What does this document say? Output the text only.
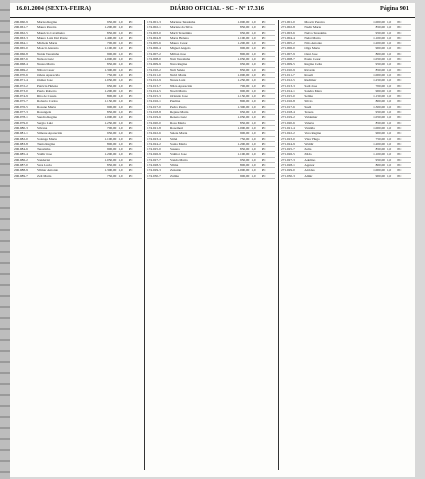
16.01.2004 (SEXTA-FEIRA)	DIÁRIO OFICIAL - SC - Nº 17.316	Página 901
206.960-9	Marisa Regina	950,00 1,0	PC
206.961-7	Maura Pereira	1.200,00 1,0	PC
206.962-5	Mauricio Cavalheiro	850,00 1,0	PC
206.963-3	Mauro Luiz Dal Ponte	1.400,00 1,0	PC
206.964-1	Michele Maria	700,00 1,0	PC
206.965-0	Moacir Antonio	1.100,00 1,0	PC
206.966-8	Neide Teresinha	900,00 1,0	PC
206.967-6	Nelson Luiz	1.000,00 1,0	PC
206.968-4	Neusa Maria	850,00 1,0	PC
206.969-2	Nilton Cesar	1.300,00 1,0	PC
206.970-6	Odete Aparecida	750,00 1,0	PC
206.971-4	Osmar Jose	1.050,00 1,0	PC
206.972-2	Patricia Helena	950,00 1,0	PC
206.973-0	Paulo Roberto	1.200,00 1,0	PC
206.974-9	Rita de Cassia	800,00 1,0	PC
206.975-7	Roberto Carlos	1.150,00 1,0	PC
206.976-5	Rosane Maria	900,00 1,0	PC
206.977-3	Rosangela	850,00 1,0	PC
206.978-1	Sandra Regina	1.000,00 1,0	PC
206.979-0	Sergio Luiz	1.250,00 1,0	PC
206.980-3	Silvana	700,00 1,0	PC
206.981-1	Simone Aparecida	950,00 1,0	PC
206.982-0	Solange Maria	1.100,00 1,0	PC
206.983-8	Tania Regina	800,00 1,0	PC
206.984-6	Terezinha	900,00 1,0	PC
206.985-4	Valdir Jose	1.200,00 1,0	PC
206.986-2	Vanderlei	1.050,00 1,0	PC
206.987-0	Vera Lucia	850,00 1,0	PC
206.988-9	Vilmar Antonio	1.300,00 1,0	PC
206.989-7	Zeli Maria	750,00 1,0	PC
174.001-3	Marlene Teresinha	1.000,00 1,0	PC
174.002-1	Marlete da Silva	850,00 1,0	PC
174.003-0	Marli Terezinha	950,00 1,0	PC
174.004-8	Marta Helena	1.100,00 1,0	PC
174.005-6	Mauro Cesar	1.200,00 1,0	PC
174.006-4	Miguel Angelo	900,00 1,0	PC
174.007-2	Milton Jose	800,00 1,0	PC
174.008-0	Nair Terezinha	1.050,00 1,0	PC
174.009-9	Nara Regina	950,00 1,0	PC
174.010-2	Neli Salete	850,00 1,0	PC
174.011-0	Nelci Maria	1.000,00 1,0	PC
174.012-9	Nereu Luiz	1.250,00 1,0	PC
174.013-7	Nilza Aparecida	700,00 1,0	PC
174.014-5	Noeli Maria	900,00 1,0	PC
174.015-3	Orlando Jose	1.150,00 1,0	PC
174.016-1	Paulina	800,00 1,0	PC
174.017-0	Pedro Paulo	1.300,00 1,0	PC
174.018-8	Rejane Maria	950,00 1,0	PC
174.019-6	Renato Luiz	1.050,00 1,0	PC
174.020-0	Rosa Maria	850,00 1,0	PC
174.021-8	Rosemeri	1.000,00 1,0	PC
174.022-6	Salete Maria	900,00 1,0	PC
174.023-4	Sirlei	750,00 1,0	PC
174.024-2	Sonia Maria	1.200,00 1,0	PC
174.025-0	Susana	850,00 1,0	PC
174.026-9	Valmor Jose	1.100,00 1,0	PC
174.027-7	Vanda Maria	950,00 1,0	PC
174.028-5	Vilma	800,00 1,0	PC
174.029-3	Zenaide	1.000,00 1,0	PC
174.030-7	Zulma	900,00 1,0	PC
271.001-0	Moacir Pereira	1.000,00 1,0	PC
271.002-8	Nadir Maria	850,00 1,0	PC
271.003-6	Neiva Teresinha	950,00 1,0	PC
271.004-4	Nelsi Maria	1.100,00 1,0	PC
271.005-2	Nilo Antonio	1.200,00 1,0	PC
271.006-0	Olga Maria	900,00 1,0	PC
271.007-9	Osni Jose	800,00 1,0	PC
271.008-7	Paulo Cesar	1.050,00 1,0	PC
271.009-5	Regina Celia	950,00 1,0	PC
271.010-9	Ricardo	850,00 1,0	PC
271.011-7	Roseli	1.000,00 1,0	PC
271.012-5	Rudimar	1.250,00 1,0	PC
271.013-3	Sadi Jose	700,00 1,0	PC
271.014-1	Sandra Mara	900,00 1,0	PC
271.015-0	Selma	1.150,00 1,0	PC
271.016-8	Silvio	800,00 1,0	PC
271.017-6	Sueli	1.300,00 1,0	PC
271.018-4	Tereza	950,00 1,0	PC
271.019-2	Valdemar	1.050,00 1,0	PC
271.020-6	Valeria	850,00 1,0	PC
271.021-4	Vanilda	1.000,00 1,0	PC
271.022-2	Vera Regina	900,00 1,0	PC
271.023-0	Vitor Hugo	750,00 1,0	PC
271.024-9	Waldir	1.200,00 1,0	PC
271.025-7	Zelia	850,00 1,0	PC
271.026-5	Zilda	1.100,00 1,0	PC
271.027-3	Adelino	950,00 1,0	PC
271.028-1	Agenor	800,00 1,0	PC
271.029-0	Alcides	1.000,00 1,0	PC
271.030-3	Almir	900,00 1,0	PC
